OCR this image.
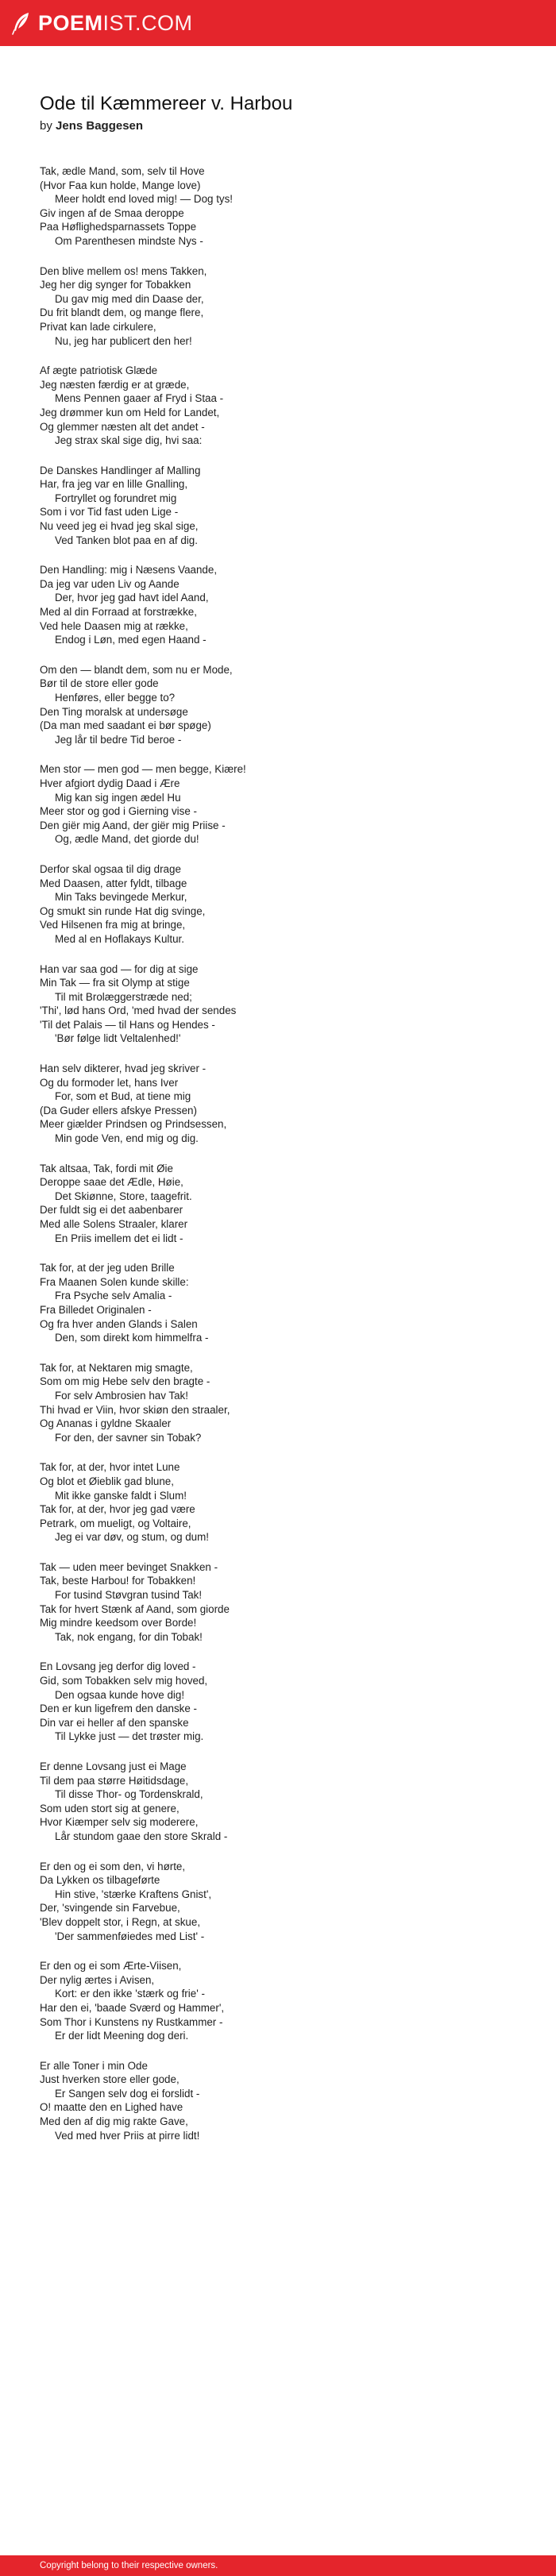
POEMIST.COM
Ode til Kæmmereer v. Harbou
by Jens Baggesen
Tak, ædle Mand, som, selv til Hove
(Hvor Faa kun holde, Mange love)
Meer holdt end loved mig! — Dog tys!
Giv ingen af de Smaa deroppe
Paa Høflighedsparnassets Toppe
Om Parenthesen mindste Nys -
Den blive mellem os! mens Takken,
Jeg her dig synger for Tobakken
Du gav mig med din Daase der,
Du frit blandt dem, og mange flere,
Privat kan lade cirkulere,
Nu, jeg har publicert den her!
Af ægte patriotisk Glæde
Jeg næsten færdig er at græde,
Mens Pennen gaaer af Fryd i Staa -
Jeg drømmer kun om Held for Landet,
Og glemmer næsten alt det andet -
Jeg strax skal sige dig, hvi saa:
De Danskes Handlinger af Malling
Har, fra jeg var en lille Gnalling,
Fortryllet og forundret mig
Som i vor Tid fast uden Lige -
Nu veed jeg ei hvad jeg skal sige,
Ved Tanken blot paa en af dig.
Den Handling: mig i Næsens Vaande,
Da jeg var uden Liv og Aande
Der, hvor jeg gad havt idel Aand,
Med al din Forraad at forstrække,
Ved hele Daasen mig at række,
Endog i Løn, med egen Haand -
Om den — blandt dem, som nu er Mode,
Bør til de store eller gode
Henføres, eller begge to?
Den Ting moralsk at undersøge
(Da man med saadant ei bør spøge)
Jeg lår til bedre Tid beroe -
Men stor — men god — men begge, Kiære!
Hver afgiort dydig Daad i Ære
Mig kan sig ingen ædel Hu
Meer stor og god i Gierning vise -
Den giër mig Aand, der giër mig Priise -
Og, ædle Mand, det giorde du!
Derfor skal ogsaa til dig drage
Med Daasen, atter fyldt, tilbage
Min Taks bevingede Merkur,
Og smukt sin runde Hat dig svinge,
Ved Hilsenen fra mig at bringe,
Med al en Hoflakays Kultur.
Han var saa god — for dig at sige
Min Tak — fra sit Olymp at stige
Til mit Brolæggerstræde ned;
'Thi', lød hans Ord, 'med hvad der sendes
'Til det Palais — til Hans og Hendes -
'Bør følge lidt Veltalenhed!'
Han selv dikterer, hvad jeg skriver -
Og du formoder let, hans Iver
For, som et Bud, at tiene mig
(Da Guder ellers afskye Pressen)
Meer giælder Prindsen og Prindsessen,
Min gode Ven, end mig og dig.
Tak altsaa, Tak, fordi mit Øie
Deroppe saae det Ædle, Høie,
Det Skiønne, Store, taagefrit.
Der fuldt sig ei det aabenbarer
Med alle Solens Straaler, klarer
En Priis imellem det ei lidt -
Tak for, at der jeg uden Brille
Fra Maanen Solen kunde skille:
Fra Psyche selv Amalia -
Fra Billedet Originalen -
Og fra hver anden Glands i Salen
Den, som direkt kom himmelfra -
Tak for, at Nektaren mig smagte,
Som om mig Hebe selv den bragte -
For selv Ambrosien hav Tak!
Thi hvad er Viin, hvor skiøn den straaler,
Og Ananas i gyldne Skaaler
For den, der savner sin Tobak?
Tak for, at der, hvor intet Lune
Og blot et Øieblik gad blune,
Mit ikke ganske faldt i Slum!
Tak for, at der, hvor jeg gad være
Petrark, om mueligt, og Voltaire,
Jeg ei var døv, og stum, og dum!
Tak — uden meer bevinget Snakken -
Tak, beste Harbou! for Tobakken!
For tusind Støvgran tusind Tak!
Tak for hvert Stænk af Aand, som giorde
Mig mindre keedsom over Borde!
Tak, nok engang, for din Tobak!
En Lovsang jeg derfor dig loved -
Gid, som Tobakken selv mig hoved,
Den ogsaa kunde hove dig!
Den er kun ligefrem den danske -
Din var ei heller af den spanske
Til Lykke just — det trøster mig.
Er denne Lovsang just ei Mage
Til dem paa større Høitidsdage,
Til disse Thor- og Tordenskrald,
Som uden stort sig at genere,
Hvor Kiæmper selv sig moderere,
Lår stundom gaae den store Skrald -
Er den og ei som den, vi hørte,
Da Lykken os tilbageførte
Hin stive, 'stærke Kraftens Gnist',
Der, 'svingende sin Farvebue,
'Blev doppelt stor, i Regn, at skue,
'Der sammenføiedes med List' -
Er den og ei som Ærte-Viisen,
Der nylig ærtes i Avisen,
Kort: er den ikke 'stærk og frie' -
Har den ei, 'baade Sværd og Hammer',
Som Thor i Kunstens ny Rustkammer -
Er der lidt Meening dog deri.
Er alle Toner i min Ode
Just hverken store eller gode,
Er Sangen selv dog ei forslidt -
O! maatte den en Lighed have
Med den af dig mig rakte Gave,
Ved med hver Priis at pirre lidt!
Copyright belong to their respective owners.
